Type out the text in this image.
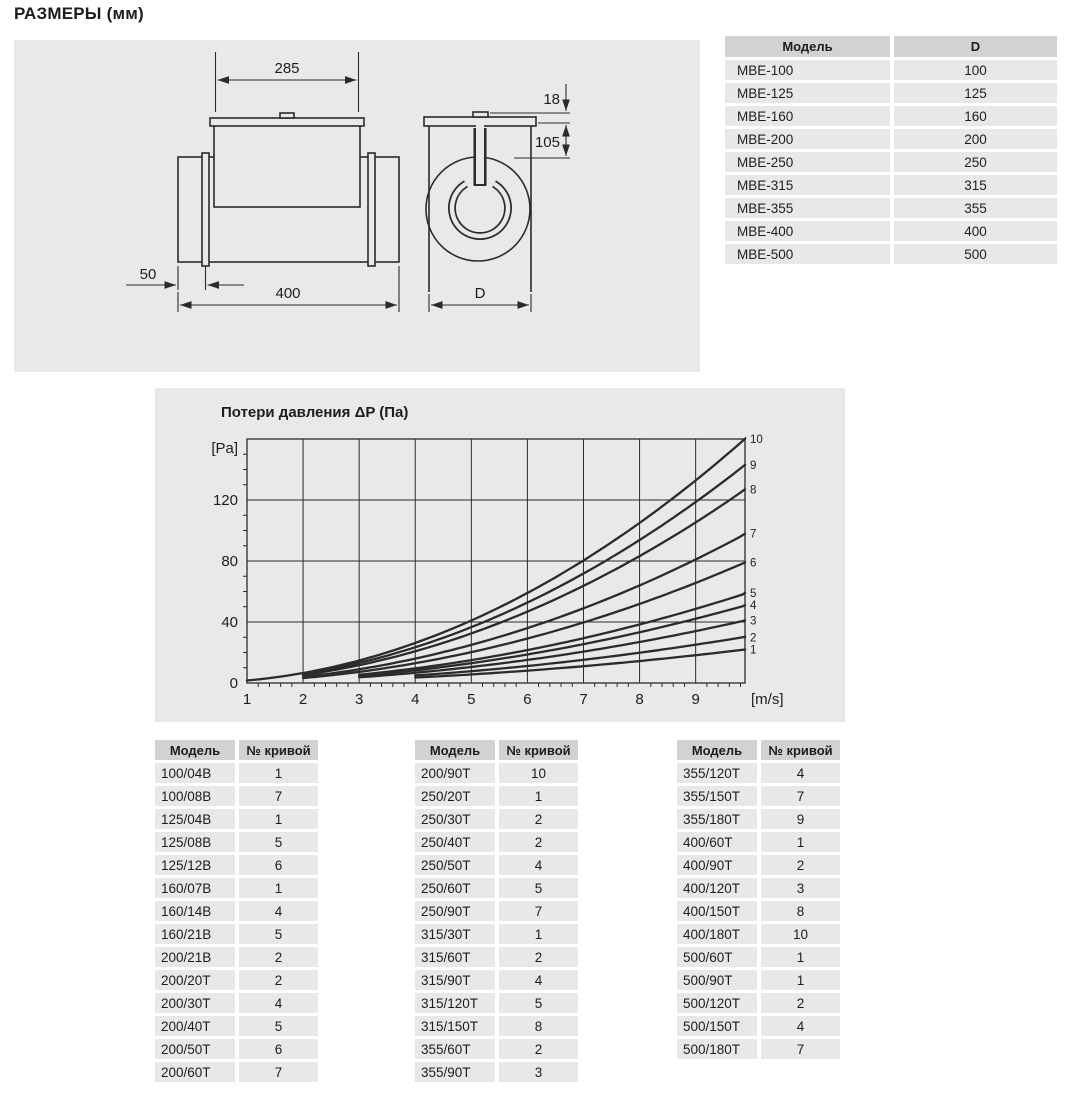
РАЗМЕРЫ (мм)
285
50
400
18
105
D
Модель	D
МВЕ-100	100
МВЕ-125	125
МВЕ-160	160
МВЕ-200	200
МВЕ-250	250
МВЕ-315	315
МВЕ-355	355
МВЕ-400	400
МВЕ-500	500
Потери давления ΔP (Па)
1
2
3
4
5
6
7
8
9
10
1	2	3	4	5	6	7	8	9
0
40
80
120
[Pa]
[m/s]
Модель	№ кривой
100/04B	1
100/08B	7
125/04B	1
125/08B	5
125/12B	6
160/07B	1
160/14B	4
160/21B	5
200/21B	2
200/20T	2
200/30T	4
200/40T	5
200/50T	6
200/60T	7
Модель	№ кривой
200/90T	10
250/20T	1
250/30T	2
250/40T	2
250/50T	4
250/60T	5
250/90T	7
315/30T	1
315/60T	2
315/90T	4
315/120T	5
315/150T	8
355/60T	2
355/90T	3
Модель	№ кривой
355/120T	4
355/150T	7
355/180T	9
400/60T	1
400/90T	2
400/120T	3
400/150T	8
400/180T	10
500/60T	1
500/90T	1
500/120T	2
500/150T	4
500/180T	7
